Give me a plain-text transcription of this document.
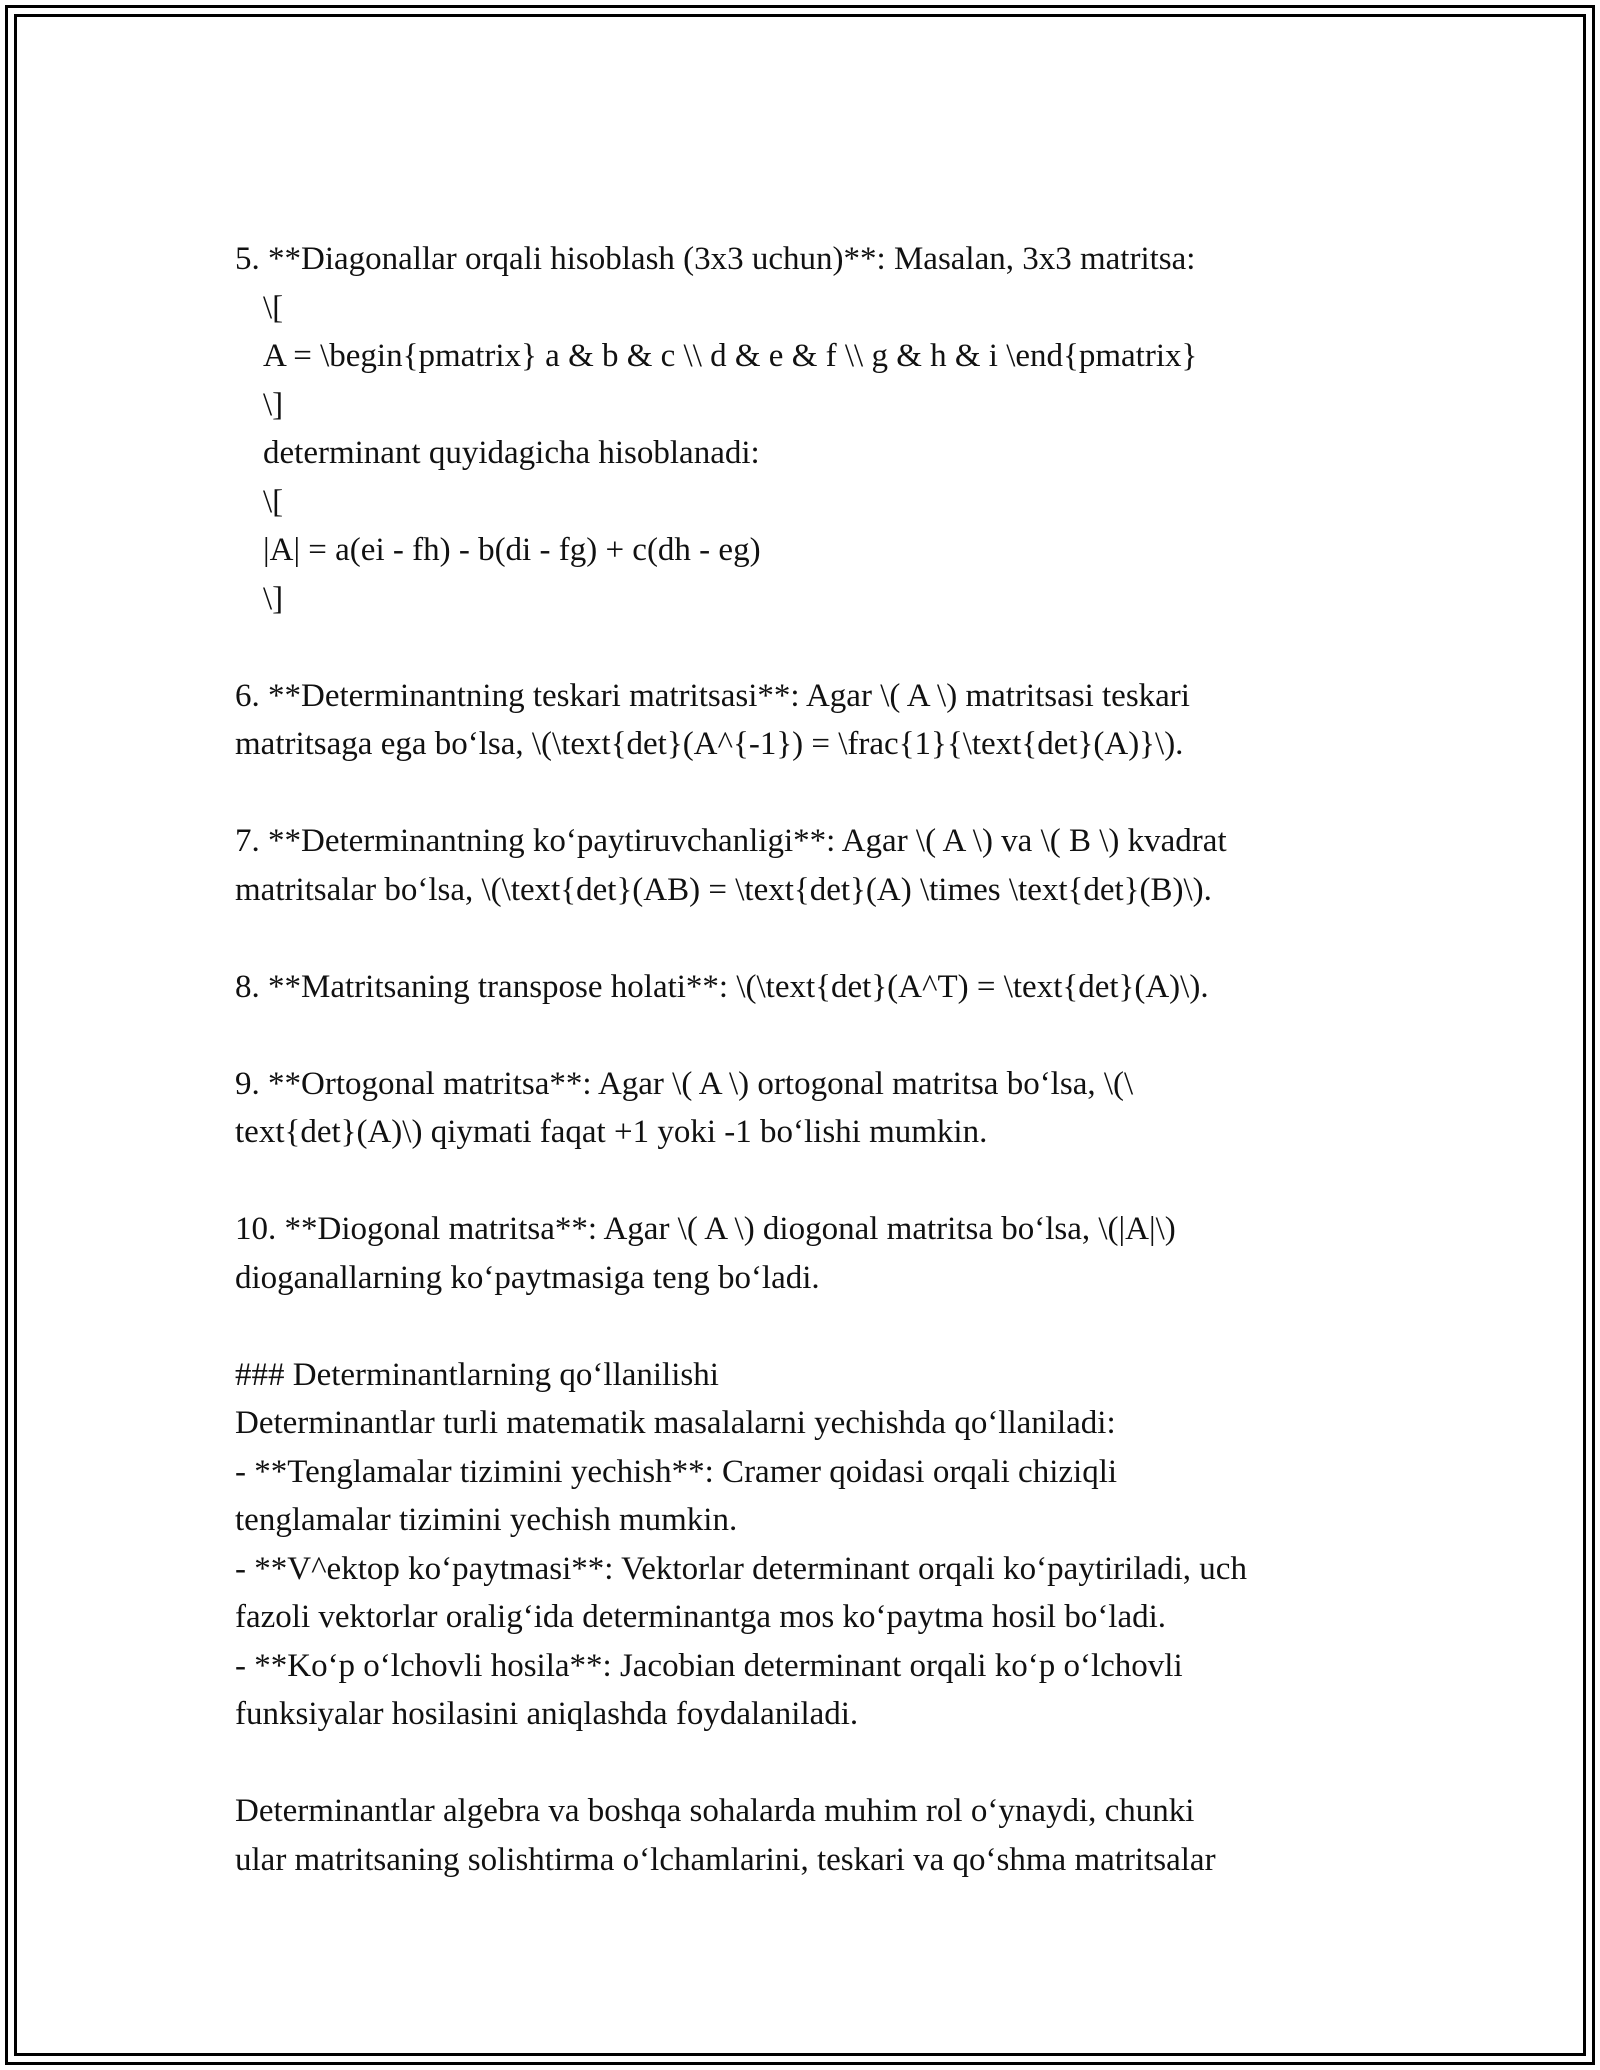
5. **Diagonallar orqali hisoblash (3x3 uchun)**: Masalan, 3x3 matritsa:
\[
A = \begin{pmatrix} a & b & c \\ d & e & f \\ g & h & i \end{pmatrix}
\]
determinant quyidagicha hisoblanadi:
\[
|A| = a(ei - fh) - b(di - fg) + c(dh - eg)
\]
6. **Determinantning teskari matritsasi**: Agar \( A \) matritsasi teskari
matritsaga ega bo‘lsa, \(\text{det}(A^{-1}) = \frac{1}{\text{det}(A)}\).
7. **Determinantning ko‘paytiruvchanligi**: Agar \( A \) va \( B \) kvadrat
matritsalar bo‘lsa, \(\text{det}(AB) = \text{det}(A) \times \text{det}(B)\).
8. **Matritsaning transpose holati**: \(\text{det}(A^T) = \text{det}(A)\).
9. **Ortogonal matritsa**: Agar \( A \) ortogonal matritsa bo‘lsa, \(\
text{det}(A)\) qiymati faqat +1 yoki -1 bo‘lishi mumkin.
10. **Diogonal matritsa**: Agar \( A \) diogonal matritsa bo‘lsa, \(|A|\)
dioganallarning ko‘paytmasiga teng bo‘ladi.
### Determinantlarning qo‘llanilishi
Determinantlar turli matematik masalalarni yechishda qo‘llaniladi:
- **Tenglamalar tizimini yechish**: Cramer qoidasi orqali chiziqli
tenglamalar tizimini yechish mumkin.
- **V^ektop ko‘paytmasi**: Vektorlar determinant orqali ko‘paytiriladi, uch
fazoli vektorlar oralig‘ida determinantga mos ko‘paytma hosil bo‘ladi.
- **Ko‘p o‘lchovli hosila**: Jacobian determinant orqali ko‘p o‘lchovli
funksiyalar hosilasini aniqlashda foydalaniladi.
Determinantlar algebra va boshqa sohalarda muhim rol o‘ynaydi, chunki
ular matritsaning solishtirma o‘lchamlarini, teskari va qo‘shma matritsalar
